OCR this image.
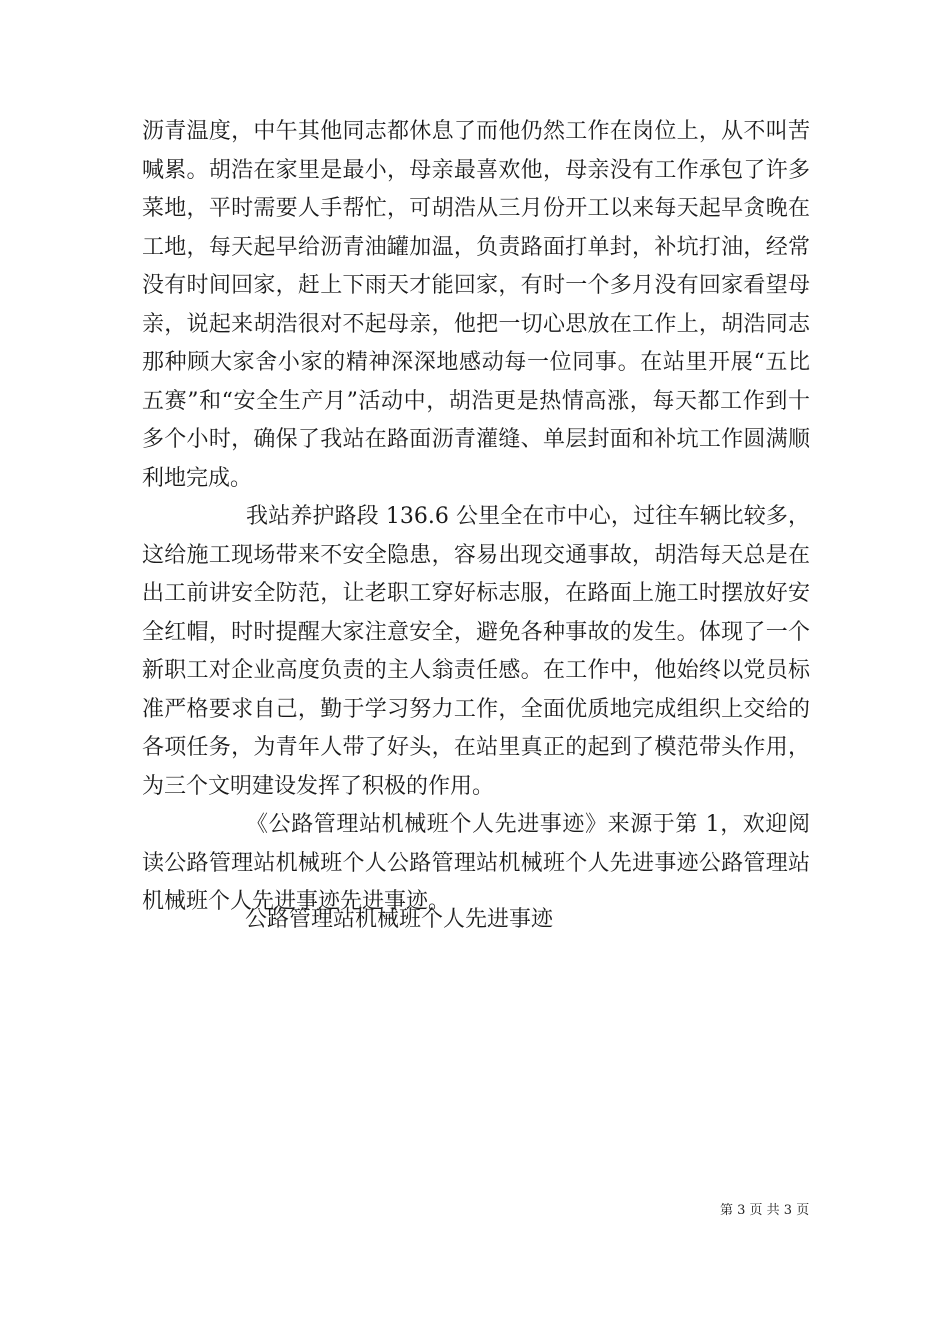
沥青温度，中午其他同志都休息了而他仍然工作在岗位上，从不叫苦喊累。胡浩在家里是最小，母亲最喜欢他，母亲没有工作承包了许多菜地，平时需要人手帮忙，可胡浩从三月份开工以来每天起早贪晚在工地，每天起早给沥青油罐加温，负责路面打单封，补坑打油，经常没有时间回家，赶上下雨天才能回家，有时一个多月没有回家看望母亲，说起来胡浩很对不起母亲，他把一切心思放在工作上，胡浩同志那种顾大家舍小家的精神深深地感动每一位同事。在站里开展“五比五赛”和“安全生产月”活动中，胡浩更是热情高涨，每天都工作到十多个小时，确保了我站在路面沥青灌缝、单层封面和补坑工作圆满顺利地完成。

我站养护路段 136.6 公里全在市中心，过往车辆比较多，这给施工现场带来不安全隐患，容易出现交通事故，胡浩每天总是在出工前讲安全防范，让老职工穿好标志服，在路面上施工时摆放好安全红帽，时时提醒大家注意安全，避免各种事故的发生。体现了一个新职工对企业高度负责的主人翁责任感。在工作中，他始终以党员标准严格要求自己，勤于学习努力工作，全面优质地完成组织上交给的各项任务，为青年人带了好头，在站里真正的起到了模范带头作用，为三个文明建设发挥了积极的作用。

《公路管理站机械班个人先进事迹》来源于第 1，欢迎阅读公路管理站机械班个人公路管理站机械班个人先进事迹公路管理站机械班个人先进事迹先进事迹。

公路管理站机械班个人先进事迹
第 3 页 共 3 页
